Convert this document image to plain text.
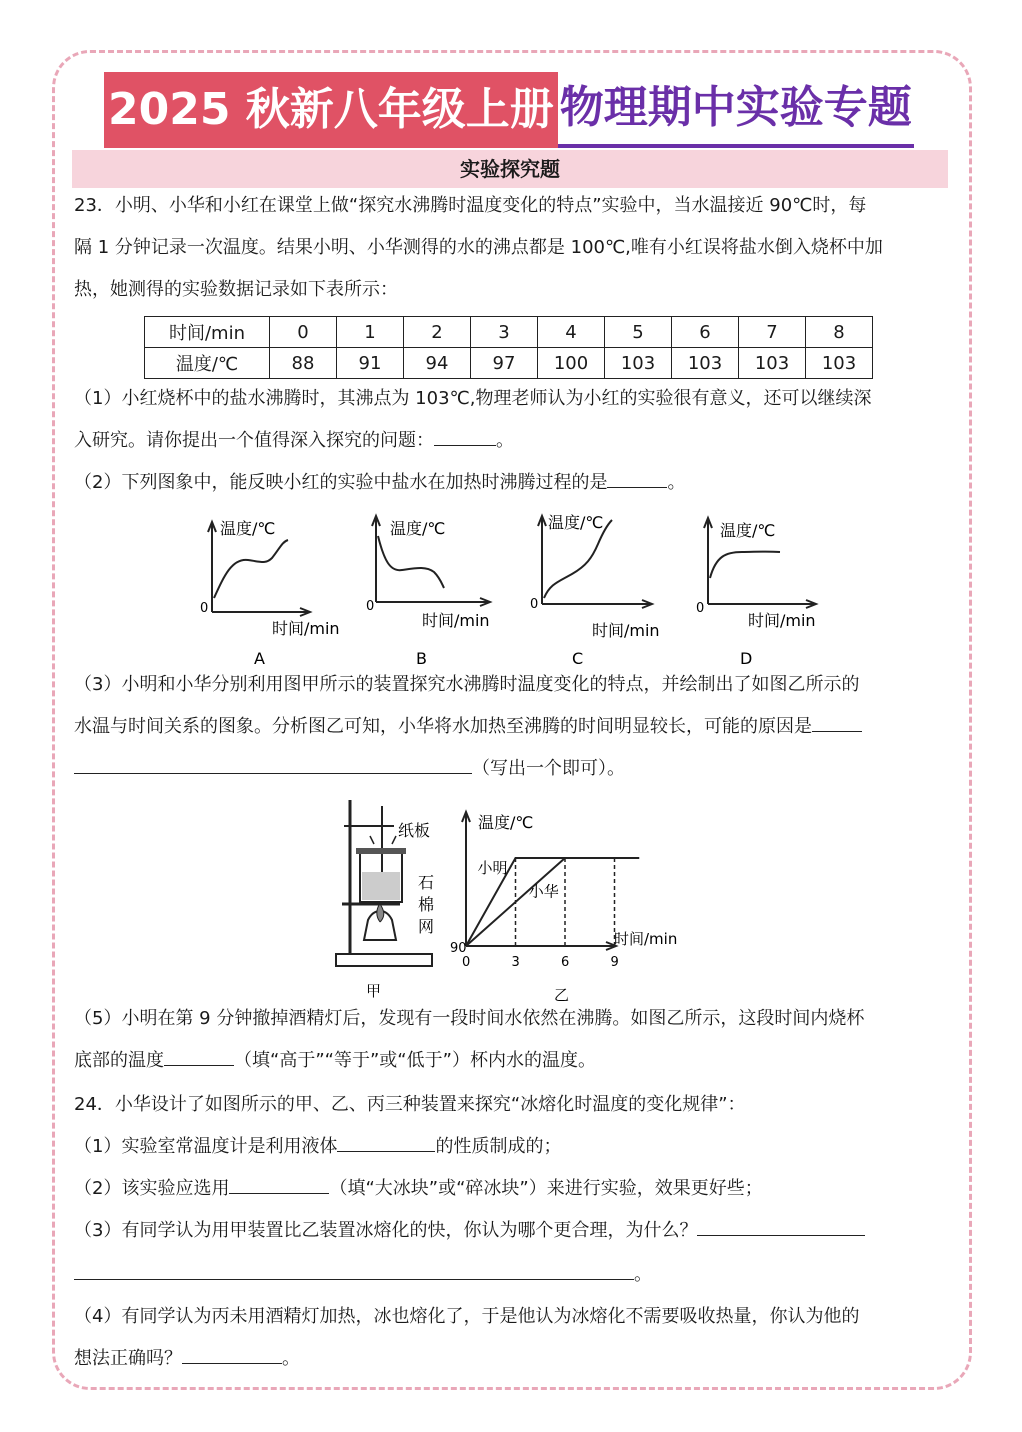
2025 秋新八年级上册 物理期中实验专题
实验探究题
23．小明、小华和小红在课堂上做“探究水沸腾时温度变化的特点”实验中，当水温接近 90℃时，每
隔 1 分钟记录一次温度。结果小明、小华测得的水的沸点都是 100℃,唯有小红误将盐水倒入烧杯中加
热，她测得的实验数据记录如下表所示：
时间/min	0	1	2	3	4	5	6	7	8
温度/℃	88	91	94	97	100	103	103	103	103
（1）小红烧杯中的盐水沸腾时，其沸点为 103℃,物理老师认为小红的实验很有意义，还可以继续深
入研究。请你提出一个值得深入探究的问题：	。
（2）下列图象中，能反映小红的实验中盐水在加热时沸腾过程的是	。
温度/℃
0
时间/min
A
温度/℃
0
时间/min
B
温度/℃
0
时间/min
C
温度/℃
0
时间/min
D
（3）小明和小华分别利用图甲所示的装置探究水沸腾时温度变化的特点，并绘制出了如图乙所示的
水温与时间关系的图象。分析图乙可知，小华将水加热至沸腾的时间明显较长，可能的原因是
（写出一个即可）。
纸板
石
棉
网
甲
小明
小华
0	3	6	9
温度/℃
时间/min
90
乙
（5）小明在第 9 分钟撤掉酒精灯后，发现有一段时间水依然在沸腾。如图乙所示，这段时间内烧杯
底部的温度	（填“高于”“等于”或“低于”）杯内水的温度。
24．小华设计了如图所示的甲、乙、丙三种装置来探究“冰熔化时温度的变化规律”：
（1）实验室常温度计是利用液体	的性质制成的；
（2）该实验应选用	（填“大冰块”或“碎冰块”）来进行实验，效果更好些；
（3）有同学认为用甲装置比乙装置冰熔化的快，你认为哪个更合理，为什么？
。
（4）有同学认为丙未用酒精灯加热，冰也熔化了，于是他认为冰熔化不需要吸收热量，你认为他的
想法正确吗？	。
